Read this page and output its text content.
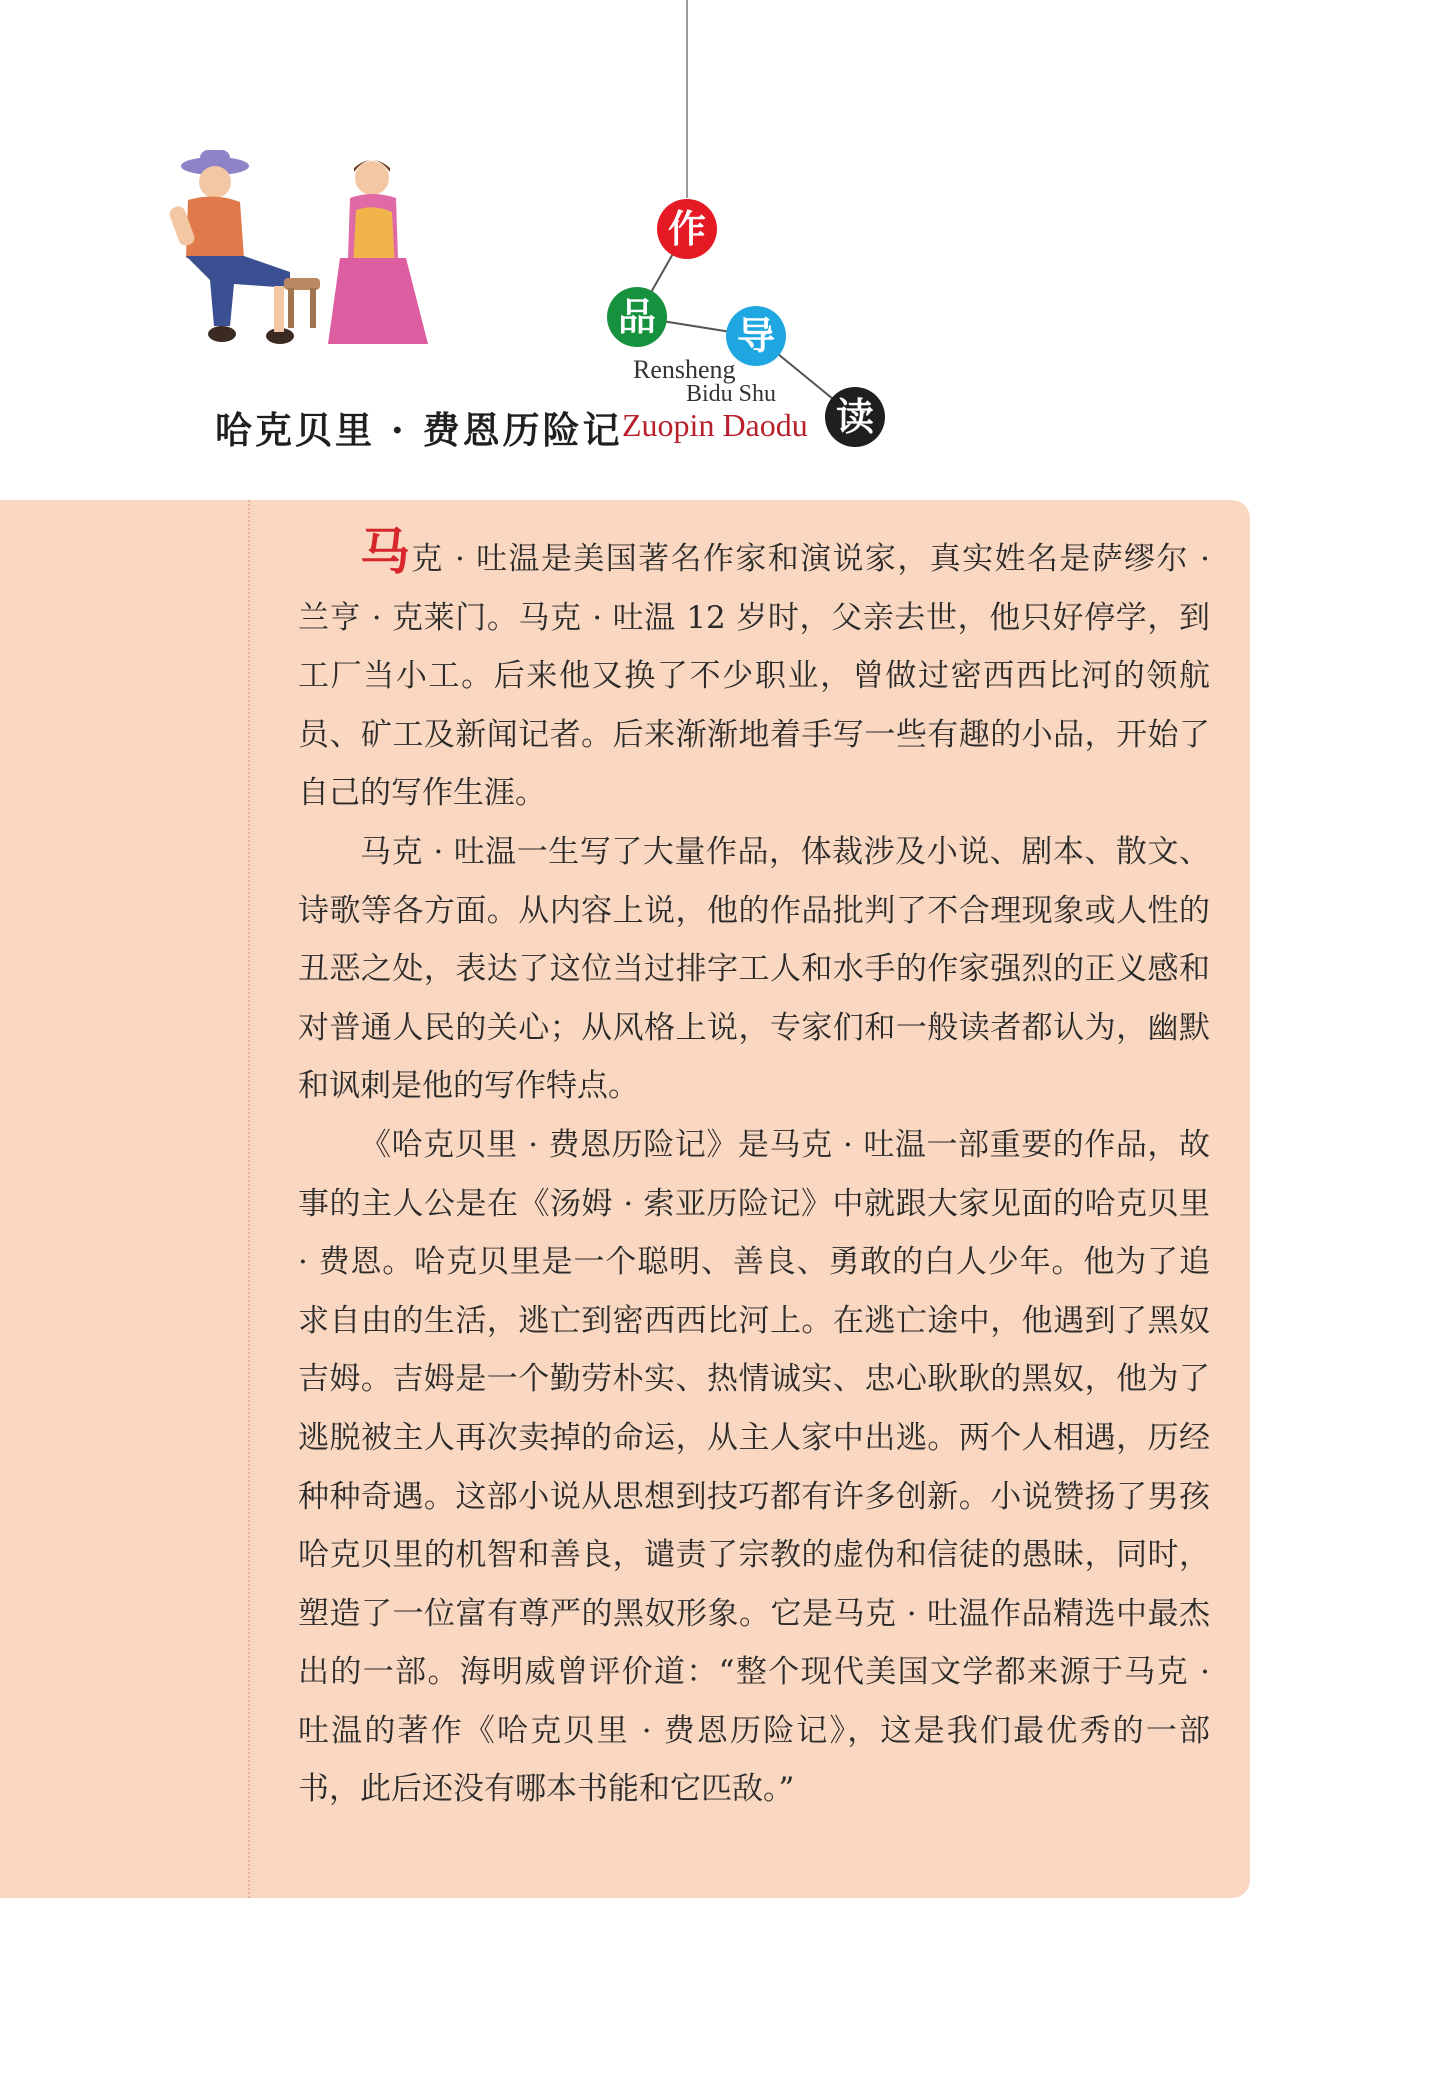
作
品 导
读
Rensheng
Bidu Shu
Zuopin Daodu
哈克贝里 · 费恩历险记

马克 · 吐温是美国著名作家和演说家，真实姓名是萨缪尔 · 兰亨 · 克莱门。马克 · 吐温 12 岁时，父亲去世，他只好停学，到工厂当小工。后来他又换了不少职业，曾做过密西西比河的领航员、矿工及新闻记者。后来渐渐地着手写一些有趣的小品，开始了自己的写作生涯。

马克 · 吐温一生写了大量作品，体裁涉及小说、剧本、散文、诗歌等各方面。从内容上说，他的作品批判了不合理现象或人性的丑恶之处，表达了这位当过排字工人和水手的作家强烈的正义感和对普通人民的关心；从风格上说，专家们和一般读者都认为，幽默和讽刺是他的写作特点。

《哈克贝里 · 费恩历险记》是马克 · 吐温一部重要的作品，故事的主人公是在《汤姆 · 索亚历险记》中就跟大家见面的哈克贝里 · 费恩。哈克贝里是一个聪明、善良、勇敢的白人少年。他为了追求自由的生活，逃亡到密西西比河上。在逃亡途中，他遇到了黑奴吉姆。吉姆是一个勤劳朴实、热情诚实、忠心耿耿的黑奴，他为了逃脱被主人再次卖掉的命运，从主人家中出逃。两个人相遇，历经种种奇遇。这部小说从思想到技巧都有许多创新。小说赞扬了男孩哈克贝里的机智和善良，谴责了宗教的虚伪和信徒的愚昧，同时，塑造了一位富有尊严的黑奴形象。它是马克 · 吐温作品精选中最杰出的一部。海明威曾评价道：“整个现代美国文学都来源于马克 · 吐温的著作《哈克贝里 · 费恩历险记》，这是我们最优秀的一部书，此后还没有哪本书能和它匹敌。”
